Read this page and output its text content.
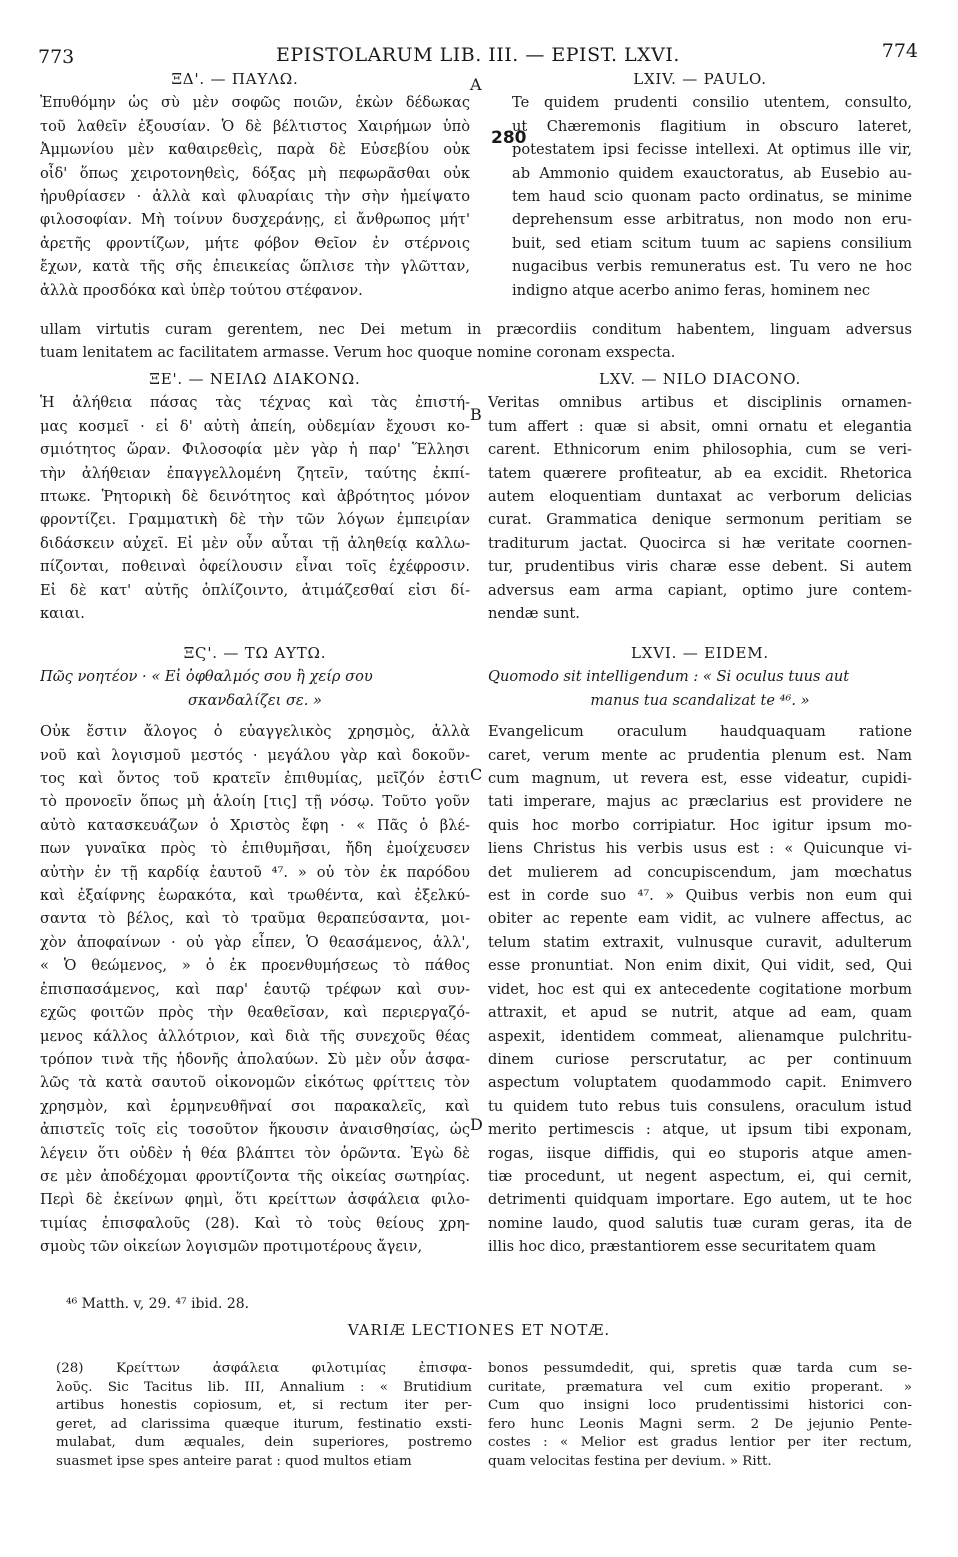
773	EPISTOLARUM LIB. III. — EPIST. LXVI.	774
A
280
B
C
D
ΞΔ'. — ΠΑΥΛΩ.
Ἐπυθόμην ὡς σὺ μὲν σοφῶς ποιῶν, ἑκὼν δέδωκας
τοῦ λαθεῖν ἐξουσίαν. Ὁ δὲ βέλτιστος Χαιρήμων ὑπὸ
Ἀμμωνίου μὲν καθαιρεθεὶς, παρὰ δὲ Εὐσεβίου οὐκ
οἶδ' ὅπως χειροτονηθεὶς, δόξας μὴ πεφωρᾶσθαι οὐκ
ἠρυθρίασεν · ἀλλὰ καὶ φλυαρίαις τὴν σὴν ἠμείψατο
φιλοσοφίαν. Μὴ τοίνυν δυσχεράνῃς, εἰ ἄνθρωπος μήτ'
ἀρετῆς φροντίζων, μήτε φόβον Θεῖον ἐν στέρνοις
ἔχων, κατὰ τῆς σῆς ἐπιεικείας ὥπλισε τὴν γλῶτταν,
ἀλλὰ προσδόκα καὶ ὑπὲρ τούτου στέφανον.
LXIV. — PAULO.
Te quidem prudenti consilio utentem, consulto,
ut Chæremonis flagitium in obscuro lateret,
potestatem ipsi fecisse intellexi. At optimus ille vir,
ab Ammonio quidem exauctoratus, ab Eusebio au-
tem haud scio quonam pacto ordinatus, se minime
deprehensum esse arbitratus, non modo non eru-
buit, sed etiam scitum tuum ac sapiens consilium
nugacibus verbis remuneratus est. Tu vero ne hoc
indigno atque acerbo animo feras, hominem nec
ullam virtutis curam gerentem, nec Dei metum in præcordiis conditum habentem, linguam adversus
tuam lenitatem ac facilitatem armasse. Verum hoc quoque nomine coronam exspecta.
ΞΕ'. — ΝΕΙΛΩ ΔΙΑΚΟΝΩ.
Ἡ ἀλήθεια πάσας τὰς τέχνας καὶ τὰς ἐπιστή-
μας κοσμεῖ · εἰ δ' αὐτὴ ἀπείη, οὐδεμίαν ἔχουσι κο-
σμιότητος ὥραν. Φιλοσοφία μὲν γὰρ ἡ παρ' Ἕλλησι
τὴν ἀλήθειαν ἐπαγγελλομένη ζητεῖν, ταύτης ἐκπί-
πτωκε. Ῥητορικὴ δὲ δεινότητος καὶ ἀβρότητος μόνον
φροντίζει. Γραμματικὴ δὲ τὴν τῶν λόγων ἐμπειρίαν
διδάσκειν αὐχεῖ. Εἰ μὲν οὖν αὗται τῇ ἀληθείᾳ καλλω-
πίζονται, ποθειναὶ ὀφείλουσιν εἶναι τοῖς ἐχέφροσιν.
Εἰ δὲ κατ' αὐτῆς ὁπλίζοιντο, ἀτιμάζεσθαί εἰσι δί-
καιαι.
LXV. — NILO DIACONO.
Veritas omnibus artibus et disciplinis ornamen-
tum affert : quæ si absit, omni ornatu et elegantia
carent. Ethnicorum enim philosophia, cum se veri-
tatem quærere profiteatur, ab ea excidit. Rhetorica
autem eloquentiam duntaxat ac verborum delicias
curat. Grammatica denique sermonum peritiam se
traditurum jactat. Quocirca si hæ veritate coornen-
tur, prudentibus viris charæ esse debent. Si autem
adversus eam arma capiant, optimo jure contem-
nendæ sunt.
ΞϚ'. — ΤΩ ΑΥΤΩ.
Πῶς νοητέον · « Εἰ ὀφθαλμός σου ἢ χείρ σου
σκανδαλίζει σε. »
Οὐκ ἔστιν ἄλογος ὁ εὐαγγελικὸς χρησμὸς, ἀλλὰ
νοῦ καὶ λογισμοῦ μεστός · μεγάλου γὰρ καὶ δοκοῦν-
τος καὶ ὄντος τοῦ κρατεῖν ἐπιθυμίας, μεῖζόν ἐστι
τὸ προνοεῖν ὅπως μὴ ἁλοίη [τις] τῇ νόσῳ. Τοῦτο γοῦν
αὐτὸ κατασκευάζων ὁ Χριστὸς ἔφη · « Πᾶς ὁ βλέ-
πων γυναῖκα πρὸς τὸ ἐπιθυμῆσαι, ἤδη ἐμοίχευσεν
αὐτὴν ἐν τῇ καρδίᾳ ἑαυτοῦ ⁴⁷. » οὐ τὸν ἐκ παρόδου
καὶ ἐξαίφνης ἑωρακότα, καὶ τρωθέντα, καὶ ἐξελκύ-
σαντα τὸ βέλος, καὶ τὸ τραῦμα θεραπεύσαντα, μοι-
χὸν ἀποφαίνων · οὐ γὰρ εἶπεν, Ὁ θεασάμενος, ἀλλ',
« Ὁ θεώμενος, » ὁ ἐκ προενθυμήσεως τὸ πάθος
ἐπισπασάμενος, καὶ παρ' ἑαυτῷ τρέφων καὶ συν-
εχῶς φοιτῶν πρὸς τὴν θεαθεῖσαν, καὶ περιεργαζό-
μενος κάλλος ἀλλότριον, καὶ διὰ τῆς συνεχοῦς θέας
τρόπον τινὰ τῆς ἡδονῆς ἀπολαύων. Σὺ μὲν οὖν ἀσφα-
λῶς τὰ κατὰ σαυτοῦ οἰκονομῶν εἰκότως φρίττεις τὸν
χρησμὸν, καὶ ἑρμηνευθῆναί σοι παρακαλεῖς, καὶ
ἀπιστεῖς τοῖς εἰς τοσοῦτον ἥκουσιν ἀναισθησίας, ὡς
λέγειν ὅτι οὐδὲν ἡ θέα βλάπτει τὸν ὁρῶντα. Ἐγὼ δὲ
σε μὲν ἀποδέχομαι φροντίζοντα τῆς οἰκείας σωτηρίας.
Περὶ δὲ ἐκείνων φημὶ, ὅτι κρείττων ἀσφάλεια φιλο-
τιμίας ἐπισφαλοῦς (28). Καὶ τὸ τοὺς θείους χρη-
σμοὺς τῶν οἰκείων λογισμῶν προτιμοτέρους ἄγειν,
LXVI. — EIDEM.
Quomodo sit intelligendum : « Si oculus tuus aut
manus tua scandalizat te ⁴⁶. »
Evangelicum oraculum haudquaquam ratione
caret, verum mente ac prudentia plenum est. Nam
cum magnum, ut revera est, esse videatur, cupidi-
tati imperare, majus ac præclarius est providere ne
quis hoc morbo corripiatur. Hoc igitur ipsum mo-
liens Christus his verbis usus est : « Quicunque vi-
det mulierem ad concupiscendum, jam mœchatus
est in corde suo ⁴⁷. » Quibus verbis non eum qui
obiter ac repente eam vidit, ac vulnere affectus, ac
telum statim extraxit, vulnusque curavit, adulterum
esse pronuntiat. Non enim dixit, Qui vidit, sed, Qui
videt, hoc est qui ex antecedente cogitatione morbum
attraxit, et apud se nutrit, atque ad eam, quam
aspexit, identidem commeat, alienamque pulchritu-
dinem curiose perscrutatur, ac per continuum
aspectum voluptatem quodammodo capit. Enimvero
tu quidem tuto rebus tuis consulens, oraculum istud
merito pertimescis : atque, ut ipsum tibi exponam,
rogas, iisque diffidis, qui eo stuporis atque amen-
tiæ procedunt, ut negent aspectum, ei, qui cernit,
detrimenti quidquam importare. Ego autem, ut te hoc
nomine laudo, quod salutis tuæ curam geras, ita de
illis hoc dico, præstantiorem esse securitatem quam
⁴⁶ Matth. v, 29. ⁴⁷ ibid. 28.
VARIÆ LECTIONES ET NOTÆ.
(28) Κρείττων ἀσφάλεια φιλοτιμίας ἐπισφα-
λοῦς. Sic Tacitus lib. III, Annalium : « Brutidium
artibus honestis copiosum, et, si rectum iter per-
geret, ad clarissima quæque iturum, festinatio exsti-
mulabat, dum æquales, dein superiores, postremo
suasmet ipse spes anteire parat : quod multos etiam
bonos pessumdedit, qui, spretis quæ tarda cum se-
curitate, præmatura vel cum exitio properant. »
Cum quo insigni loco prudentissimi historici con-
fero hunc Leonis Magni serm. 2 De jejunio Pente-
costes : « Melior est gradus lentior per iter rectum,
quam velocitas festina per devium. » Ritt.
